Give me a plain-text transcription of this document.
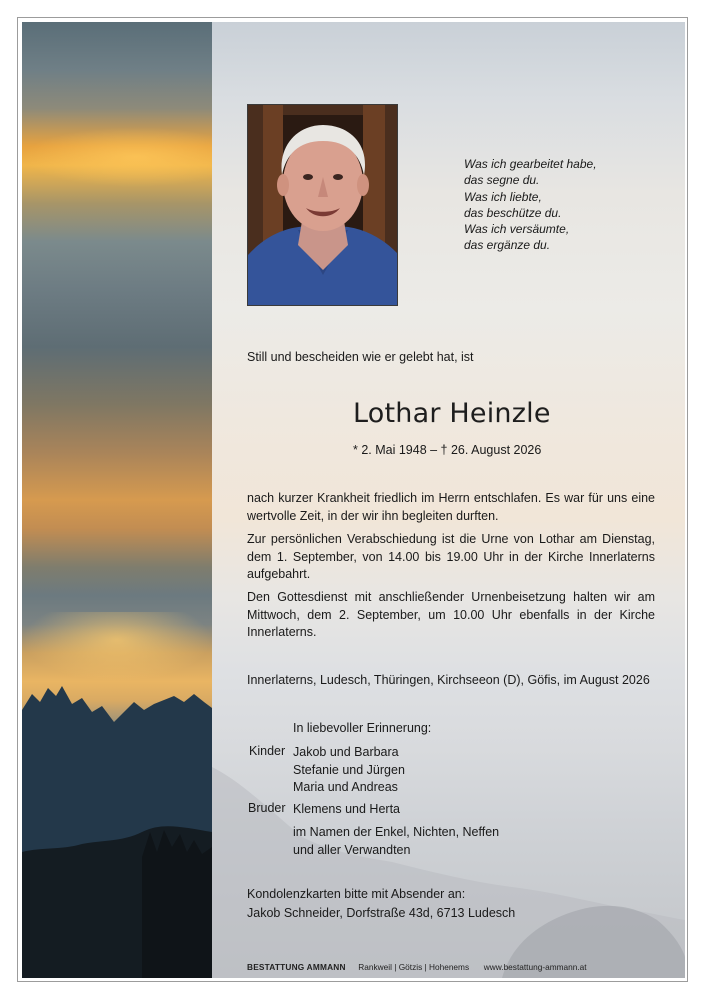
Was ich gearbeitet habe,
das segne du.
Was ich liebte,
das beschütze du.
Was ich versäumte,
das ergänze du.
Still und bescheiden wie er gelebt hat, ist
Lothar Heinzle
* 2. Mai 1948 – † 26. August 2026
nach kurzer Krankheit friedlich im Herrn entschlafen. Es war für uns eine wertvolle Zeit, in der wir ihn begleiten durften.
Zur persönlichen Verabschiedung ist die Urne von Lothar am Dienstag, dem 1. September, von 14.00 bis 19.00 Uhr in der Kirche Innerlaterns aufgebahrt.
Den Gottesdienst mit anschließender Urnenbeisetzung halten wir am Mittwoch, dem 2. September, um 10.00 Uhr ebenfalls in der Kirche Innerlaterns.
Innerlaterns, Ludesch, Thüringen, Kirchseeon (D), Göfis, im August 2026
In liebevoller Erinnerung:
Kinder Jakob und Barbara
Stefanie und Jürgen
Maria und Andreas
Bruder Klemens und Herta
im Namen der Enkel, Nichten, Neffen
und aller Verwandten
Kondolenzkarten bitte mit Absender an:
Jakob Schneider, Dorfstraße 43d, 6713 Ludesch
BESTATTUNG AMMANN Rankweil | Götzis | Hohenems www.bestattung-ammann.at
